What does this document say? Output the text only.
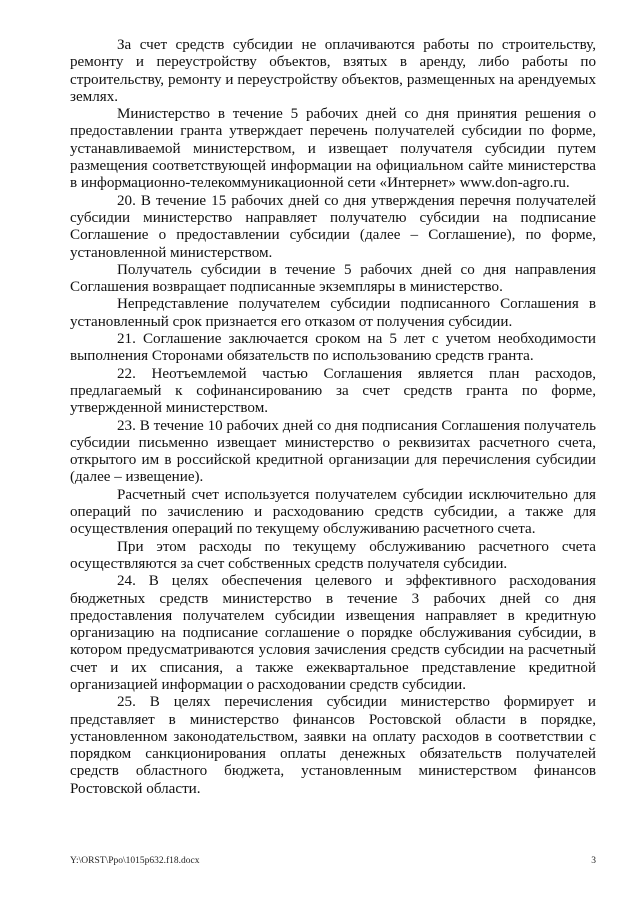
За счет средств субсидии не оплачиваются работы по строительству, ремонту и переустройству объектов, взятых в аренду, либо работы по строительству, ремонту и переустройству объектов, размещенных на арендуемых землях.

Министерство в течение 5 рабочих дней со дня принятия решения о предоставлении гранта утверждает перечень получателей субсидии по форме, устанавливаемой министерством, и извещает получателя субсидии путем размещения соответствующей информации на официальном сайте министерства в информационно-телекоммуникационной сети «Интернет» www.don-agro.ru.

20. В течение 15 рабочих дней со дня утверждения перечня получателей субсидии министерство направляет получателю субсидии на подписание Соглашение о предоставлении субсидии (далее – Соглашение), по форме, установленной министерством.

Получатель субсидии в течение 5 рабочих дней со дня направления Соглашения возвращает подписанные экземпляры в министерство.

Непредставление получателем субсидии подписанного Соглашения в установленный срок признается его отказом от получения субсидии.

21. Соглашение заключается сроком на 5 лет с учетом необходимости выполнения Сторонами обязательств по использованию средств гранта.

22. Неотъемлемой частью Соглашения является план расходов, предлагаемый к софинансированию за счет средств гранта по форме, утвержденной министерством.

23. В течение 10 рабочих дней со дня подписания Соглашения получатель субсидии письменно извещает министерство о реквизитах расчетного счета, открытого им в российской кредитной организации для перечисления субсидии (далее – извещение).

Расчетный счет используется получателем субсидии исключительно для операций по зачислению и расходованию средств субсидии, а также для осуществления операций по текущему обслуживанию расчетного счета.

При этом расходы по текущему обслуживанию расчетного счета осуществляются за счет собственных средств получателя субсидии.

24. В целях обеспечения целевого и эффективного расходования бюджетных средств министерство в течение 3 рабочих дней со дня предоставления получателем субсидии извещения направляет в кредитную организацию на подписание соглашение о порядке обслуживания субсидии, в котором предусматриваются условия зачисления средств субсидии на расчетный счет и их списания, а также ежеквартальное представление кредитной организацией информации о расходовании средств субсидии.

25. В целях перечисления субсидии министерство формирует и представляет в министерство финансов Ростовской области в порядке, установленном законодательством, заявки на оплату расходов в соответствии с порядком санкционирования оплаты денежных обязательств получателей средств областного бюджета, установленным министерством финансов Ростовской области.

Y:\ORST\Ppo\1015p632.f18.docx	3
